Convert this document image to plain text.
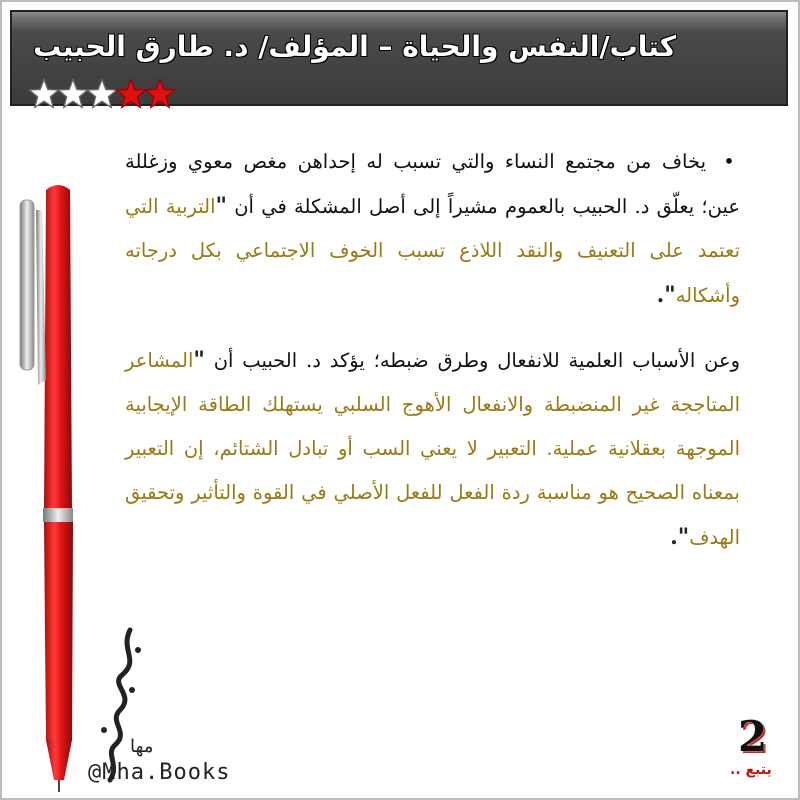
كتاب/النفس والحياة – المؤلف/ د. طارق الحبيب

•يخاف من مجتمع النساء والتي تسبب له إحداهن مغص معوي وزغللة عين؛ يعلّق د. الحبيب بالعموم مشيراً إلى أصل المشكلة في أن "التربية التي تعتمد على التعنيف والنقد اللاذع تسبب الخوف الاجتماعي بكل درجاته وأشكاله".

وعن الأسباب العلمية للانفعال وطرق ضبطه؛ يؤكد د. الحبيب أن "المشاعر المتاججة غير المنضبطة والانفعال الأهوج السلبي يستهلك الطاقة الإيجابية الموجهة بعقلانية عملية. التعبير لا يعني السب أو تبادل الشتائم، إن التعبير بمعناه الصحيح هو مناسبة ردة الفعل للفعل الأصلي في القوة والتأثير وتحقيق الهدف".

مها
@Mha.Books
2
يتبع ..
